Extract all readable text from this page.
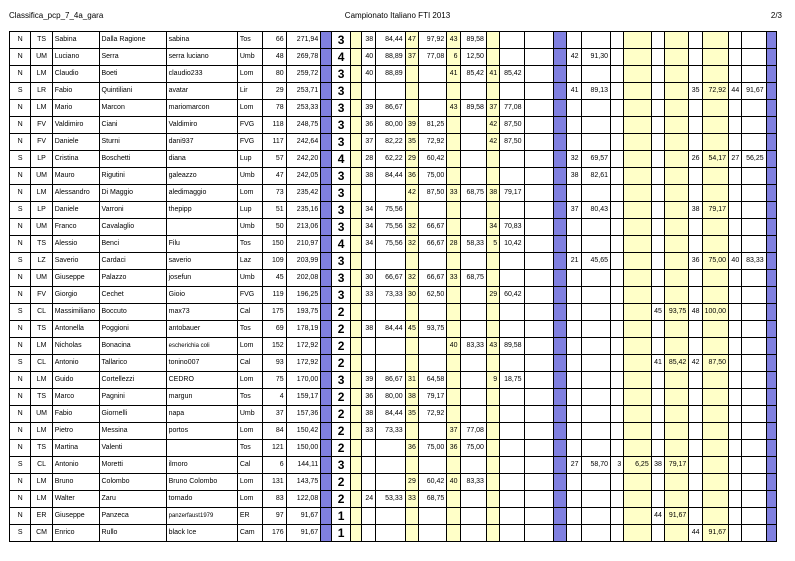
Classifica_pcp_7_4a_gara	Campionato Italiano FTI 2013	2/3
N	TS	Sabina	Dalla Ragione	sabina	Tos	66	271,94		3		38	84,44	47	97,92	43	89,58															
N	UM	Luciano	Serra	serra luciano	Umb	48	269,78		4		40	88,89	37	77,08	6	12,50					42	91,30									
N	LM	Claudio	Boeti	claudio233	Lom	80	259,72		3		40	88,89			41	85,42	41	85,42													
S	LR	Fabio	Quintiliani	avatar	Lir	29	253,71		3												41	89,13					35	72,92	44	91,67	
N	LM	Mario	Marcon	mariomarcon	Lom	78	253,33		3		39	86,67			43	89,58	37	77,08													
N	FV	Valdimiro	Ciani	Valdimiro	FVG	118	248,75		3		36	80,00	39	81,25			42	87,50													
N	FV	Daniele	Sturni	dani937	FVG	117	242,64		3		37	82,22	35	72,92			42	87,50													
S	LP	Cristina	Boschetti	diana	Lup	57	242,20		4		28	62,22	29	60,42							32	69,57					26	54,17	27	56,25	
N	UM	Mauro	Rigutini	galeazzo	Umb	47	242,05		3		38	84,44	36	75,00							38	82,61									
N	LM	Alessandro	Di Maggio	aledimaggio	Lom	73	235,42		3				42	87,50	33	68,75	38	79,17													
S	LP	Daniele	Varroni	thepipp	Lup	51	235,16		3		34	75,56									37	80,43					38	79,17			
N	UM	Franco	Cavalaglio		Umb	50	213,06		3		34	75,56	32	66,67			34	70,83													
N	TS	Alessio	Benci	Filu	Tos	150	210,97		4		34	75,56	32	66,67	28	58,33	5	10,42													
S	LZ	Saverio	Cardaci	saverio	Laz	109	203,99		3												21	45,65					36	75,00	40	83,33	
N	UM	Giuseppe	Palazzo	josefun	Umb	45	202,08		3		30	66,67	32	66,67	33	68,75															
N	FV	Giorgio	Cechet	Gioio	FVG	119	196,25		3		33	73,33	30	62,50			29	60,42													
S	CL	Massimiliano	Boccuto	max73	Cal	175	193,75		2																45	93,75	48	100,00			
N	TS	Antonella	Poggioni	antobauer	Tos	69	178,19		2		38	84,44	45	93,75																	
N	LM	Nicholas	Bonacina	escherichia coli	Lom	152	172,92		2						40	83,33	43	89,58													
S	CL	Antonio	Tallarico	tonino007	Cal	93	172,92		2																41	85,42	42	87,50			
N	LM	Guido	Cortellezzi	CEDRO	Lom	75	170,00		3		39	86,67	31	64,58			9	18,75													
N	TS	Marco	Pagnini	margun	Tos	4	159,17		2		36	80,00	38	79,17																	
N	UM	Fabio	Giornelli	napa	Umb	37	157,36		2		38	84,44	35	72,92																	
N	LM	Pietro	Messina	portos	Lom	84	150,42		2		33	73,33			37	77,08															
N	TS	Martina	Valenti		Tos	121	150,00		2				36	75,00	36	75,00															
S	CL	Antonio	Moretti	ilmoro	Cal	6	144,11		3												27	58,70	3	6,25	38	79,17					
N	LM	Bruno	Colombo	Bruno Colombo	Lom	131	143,75		2				29	60,42	40	83,33															
N	LM	Walter	Zaru	tornado	Lom	83	122,08		2		24	53,33	33	68,75																	
N	ER	Giuseppe	Panzeca	panzerfaust1979	ER	97	91,67		1																44	91,67					
S	CM	Enrico	Rullo	black Ice	Cam	176	91,67		1																		44	91,67			
